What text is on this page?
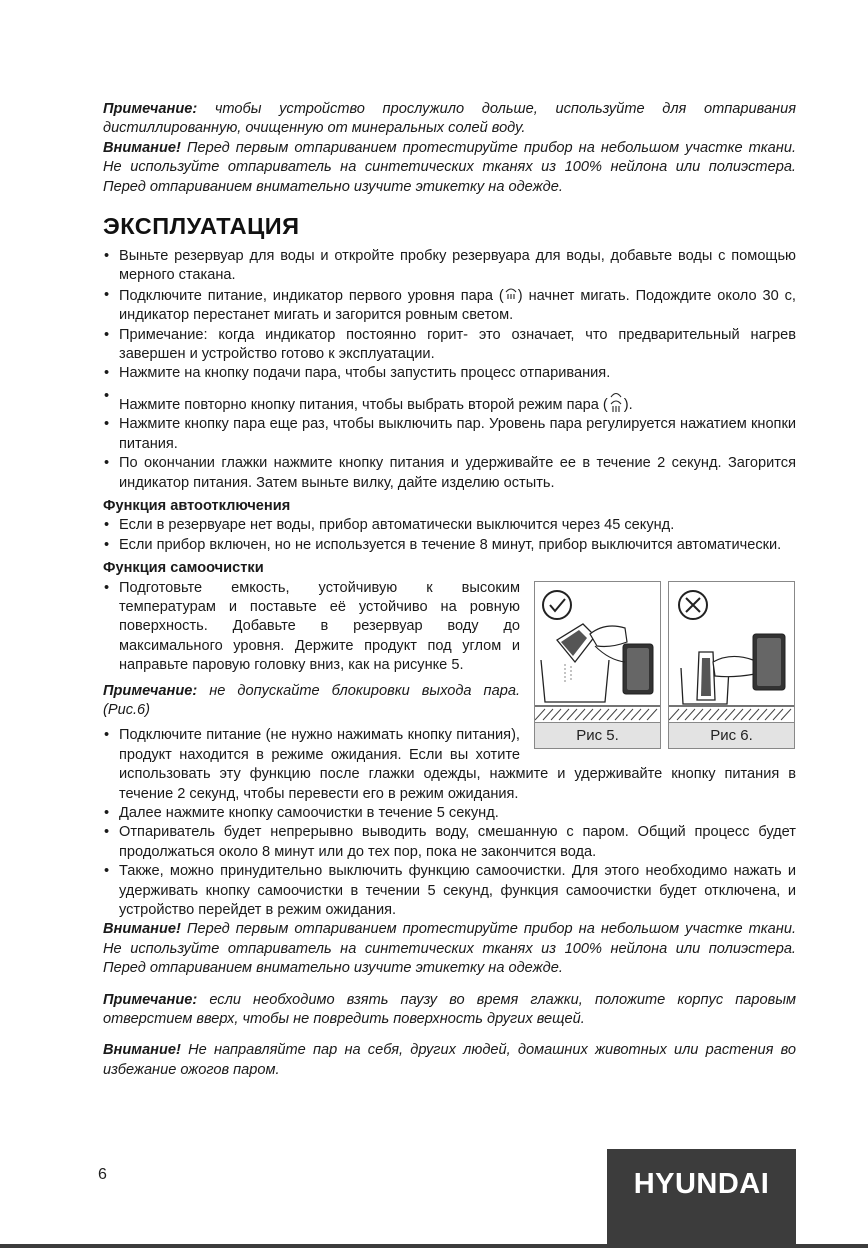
Примечание: чтобы устройство прослужило дольше, используйте для отпаривания дистиллированную, очищенную от минеральных солей воду.

Внимание! Перед первым отпариванием протестируйте прибор на небольшом участке ткани. Не используйте отпариватель на синтетических тканях из 100% нейлона или полиэстера. Перед отпариванием внимательно изучите этикетку на одежде.

ЭКСПЛУАТАЦИЯ
• Выньте резервуар для воды и откройте пробку резервуара для воды, добавьте воды с помощью мерного стакана.
• Подключите питание, индикатор первого уровня пара ( ) начнет мигать. Подождите около 30 с, индикатор перестанет мигать и загорится ровным светом.
• Примечание: когда индикатор постоянно горит- это означает, что предварительный нагрев завершен и устройство готово к эксплуатации.
• Нажмите на кнопку подачи пара, чтобы запустить процесс отпаривания.
• Нажмите повторно кнопку питания, чтобы выбрать второй режим пара ( ).
• Нажмите кнопку пара еще раз, чтобы выключить пар. Уровень пара регулируется нажатием кнопки питания.
• По окончании глажки нажмите кнопку питания и удерживайте ее в течение 2 секунд. Загорится индикатор питания. Затем выньте вилку, дайте изделию остыть.
Функция автоотключения
• Если в резервуаре нет воды, прибор автоматически выключится через 45 секунд.
• Если прибор включен, но не используется в течение 8 минут, прибор выключится автоматически.
Функция самоочистки
Рис 5.	Рис 6.
• Подготовьте емкость, устойчивую к высоким температурам и поставьте её устойчиво на ровную поверхность. Добавьте в резервуар воду до максимального уровня. Держите продукт под углом и направьте паровую головку вниз, как на рисунке 5.

Примечание: не допускайте блокировки выхода пара. (Рис.6)

• Подключите питание (не нужно нажимать кнопку питания), продукт находится в режиме ожидания. Если вы хотите использовать эту функцию после глажки одежды, нажмите и удерживайте кнопку питания в течение 2 секунд, чтобы перевести его в режим ожидания.
• Далее нажмите кнопку самоочистки в течение 5 секунд.
• Отпариватель будет непрерывно выводить воду, смешанную с паром. Общий процесс будет продолжаться около 8 минут или до тех пор, пока не закончится вода.
• Также, можно принудительно выключить функцию самоочистки. Для этого необходимо нажать и удерживать кнопку самоочистки в течении 5 секунд, функция самоочистки будет отключена, и устройство перейдет в режим ожидания.

Внимание! Перед первым отпариванием протестируйте прибор на небольшом участке ткани. Не используйте отпариватель на синтетических тканях из 100% нейлона или полиэстера. Перед отпариванием внимательно изучите этикетку на одежде.

Примечание: если необходимо взять паузу во время глажки, положите корпус паровым отверстием вверх, чтобы не повредить поверхность других вещей.

Внимание! Не направляйте пар на себя, других людей, домашних животных или растения во избежание ожогов паром.

6	HYUNDAI
